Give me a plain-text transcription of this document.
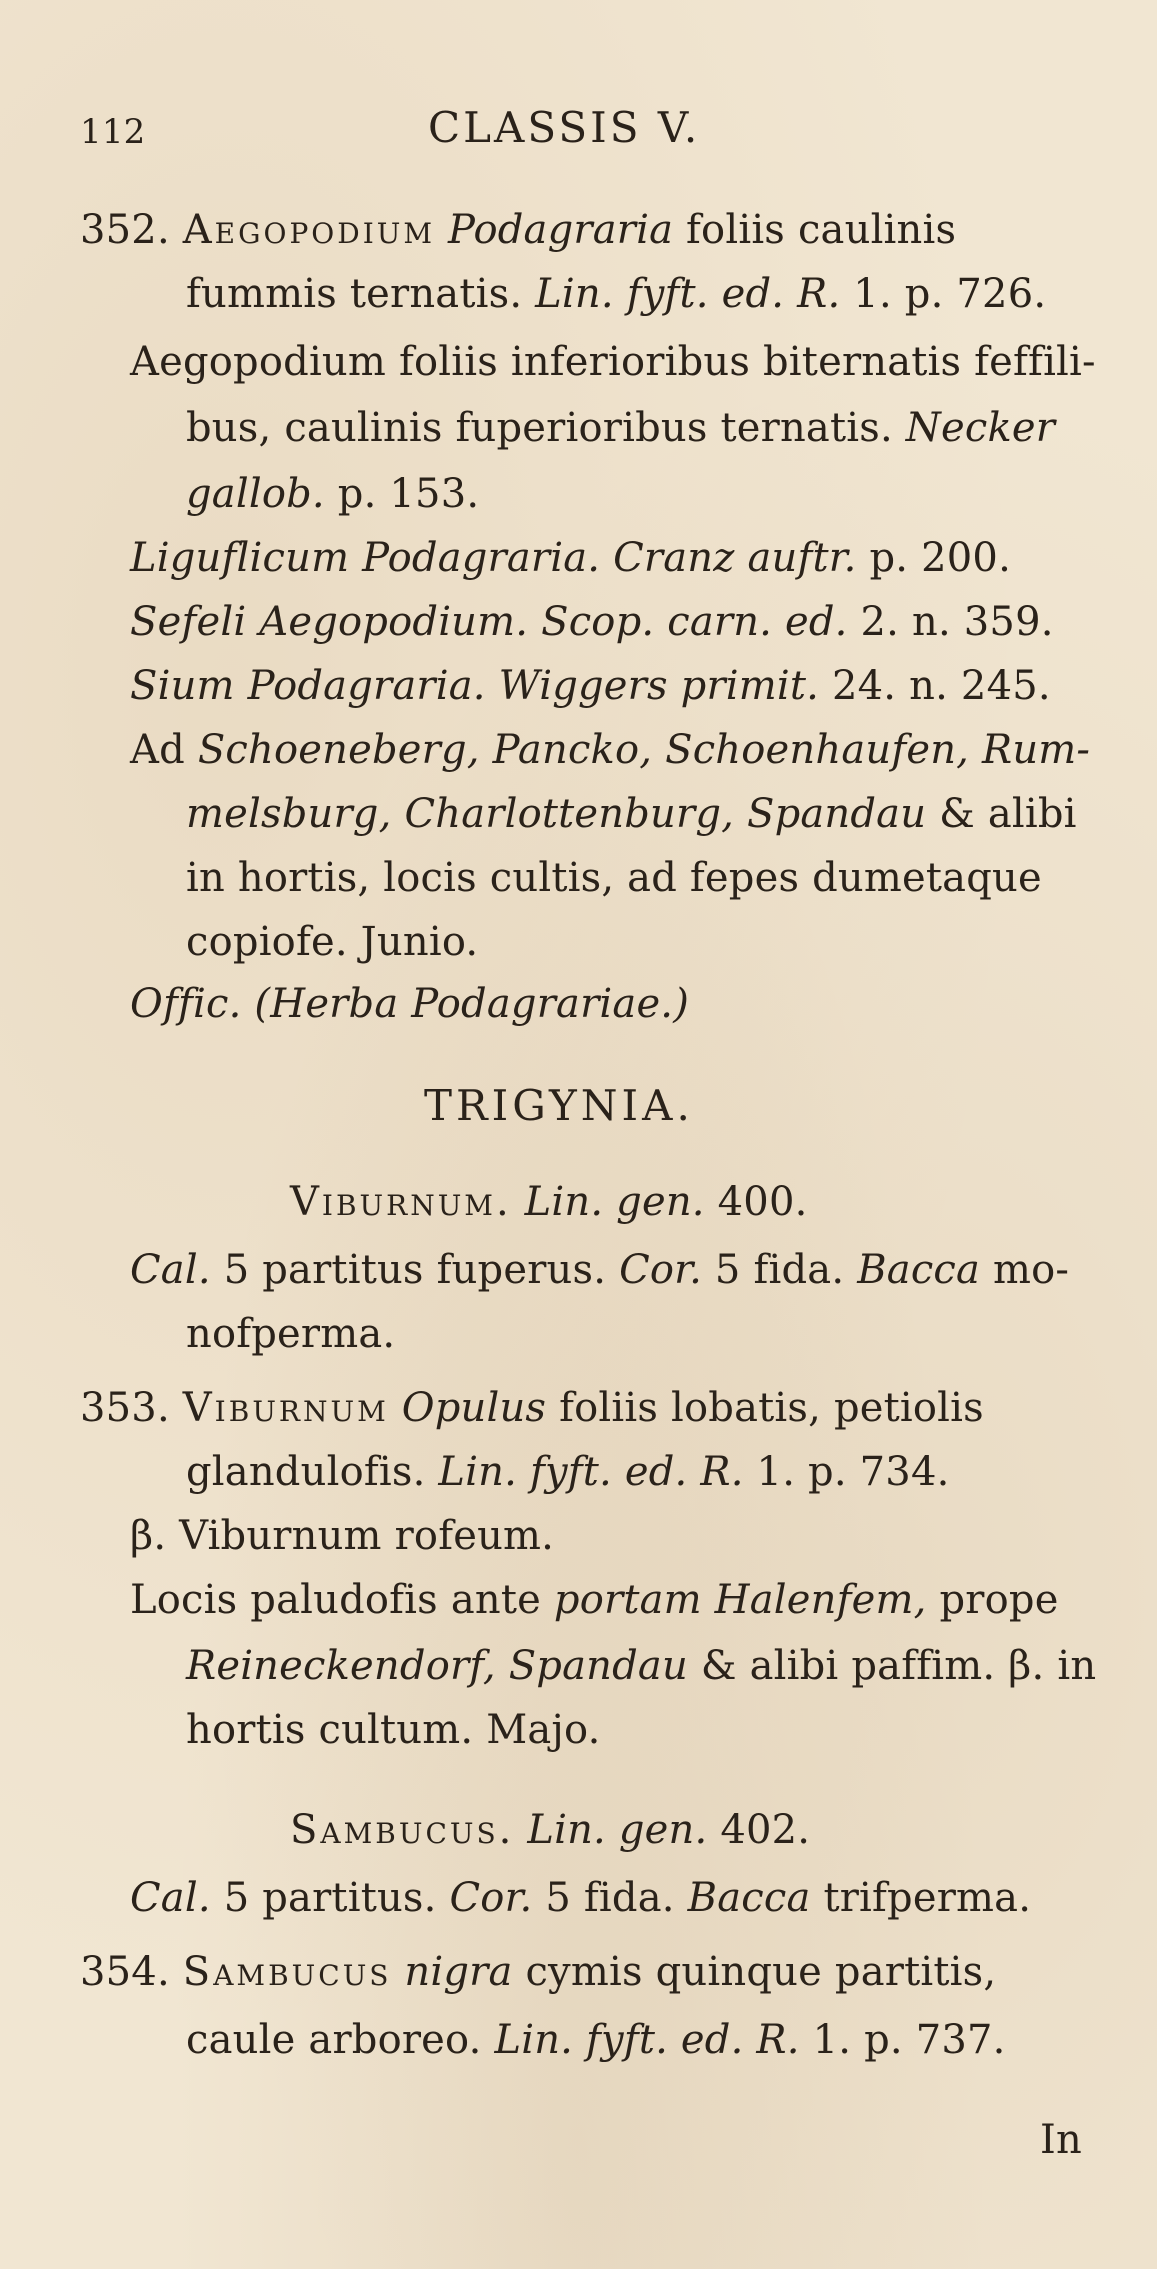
112	CLASSIS V.
352. Aegopodium Podagraria foliis caulinis
fummis ternatis. Lin. fyft. ed. R. 1. p. 726.
Aegopodium foliis inferioribus biternatis feffili-
bus, caulinis fuperioribus ternatis. Necker
gallob. p. 153.
Liguflicum Podagraria. Cranz auftr. p. 200.
Sefeli Aegopodium. Scop. carn. ed. 2. n. 359.
Sium Podagraria. Wiggers primit. 24. n. 245.
Ad Schoeneberg, Pancko, Schoenhaufen, Rum-
melsburg, Charlottenburg, Spandau & alibi
in hortis, locis cultis, ad fepes dumetaque
copiofe. Junio.
Offic. (Herba Podagrariae.)
TRIGYNIA.
Viburnum. Lin. gen. 400.
Cal. 5 partitus fuperus. Cor. 5 fida. Bacca mo-
nofperma.
353. Viburnum Opulus foliis lobatis, petiolis
glandulofis. Lin. fyft. ed. R. 1. p. 734.
β. Viburnum rofeum.
Locis paludofis ante portam Halenfem, prope
Reineckendorf, Spandau & alibi paffim. β. in
hortis cultum. Majo.
Sambucus. Lin. gen. 402.
Cal. 5 partitus. Cor. 5 fida. Bacca trifperma.
354. Sambucus nigra cymis quinque partitis,
caule arboreo. Lin. fyft. ed. R. 1. p. 737.
In
